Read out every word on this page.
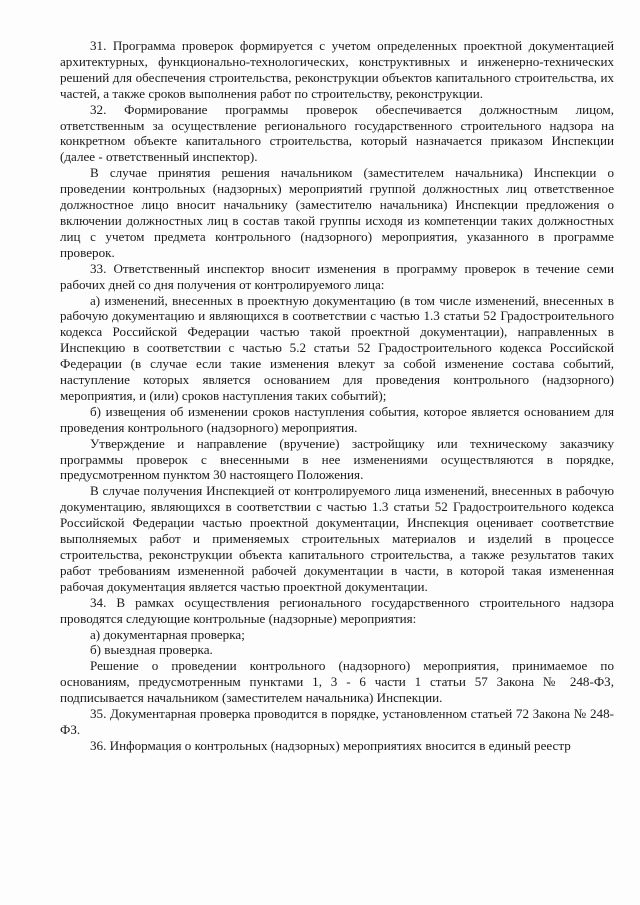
31. Программа проверок формируется с учетом определенных проектной документацией архитектурных, функционально-технологических, конструктивных и инженерно-технических решений для обеспечения строительства, реконструкции объектов капитального строительства, их частей, а также сроков выполнения работ по строительству, реконструкции.

32. Формирование программы проверок обеспечивается должностным лицом, ответственным за осуществление регионального государственного строительного надзора на конкретном объекте капитального строительства, который назначается приказом Инспекции (далее - ответственный инспектор).

В случае принятия решения начальником (заместителем начальника) Инспекции о проведении контрольных (надзорных) мероприятий группой должностных лиц ответственное должностное лицо вносит начальнику (заместителю начальника) Инспекции предложения о включении должностных лиц в состав такой группы исходя из компетенции таких должностных лиц с учетом предмета контрольного (надзорного) мероприятия, указанного в программе проверок.

33. Ответственный инспектор вносит изменения в программу проверок в течение семи рабочих дней со дня получения от контролируемого лица:

а) изменений, внесенных в проектную документацию (в том числе изменений, внесенных в рабочую документацию и являющихся в соответствии с частью 1.3 статьи 52 Градостроительного кодекса Российской Федерации частью такой проектной документации), направленных в Инспекцию в соответствии с частью 5.2 статьи 52 Градостроительного кодекса Российской Федерации (в случае если такие изменения влекут за собой изменение состава событий, наступление которых является основанием для проведения контрольного (надзорного) мероприятия, и (или) сроков наступления таких событий);

б) извещения об изменении сроков наступления события, которое является основанием для проведения контрольного (надзорного) мероприятия.

Утверждение и направление (вручение) застройщику или техническому заказчику программы проверок с внесенными в нее изменениями осуществляются в порядке, предусмотренном пунктом 30 настоящего Положения.

В случае получения Инспекцией от контролируемого лица изменений, внесенных в рабочую документацию, являющихся в соответствии с частью 1.3 статьи 52 Градостроительного кодекса Российской Федерации частью проектной документации, Инспекция оценивает соответствие выполняемых работ и применяемых строительных материалов и изделий в процессе строительства, реконструкции объекта капитального строительства, а также результатов таких работ требованиям измененной рабочей документации в части, в которой такая измененная рабочая документация является частью проектной документации.

34. В рамках осуществления регионального государственного строительного надзора проводятся следующие контрольные (надзорные) мероприятия:

а) документарная проверка;

б) выездная проверка.

Решение о проведении контрольного (надзорного) мероприятия, принимаемое по основаниям, предусмотренным пунктами 1, 3 - 6 части 1 статьи 57 Закона № 248-ФЗ, подписывается начальником (заместителем начальника) Инспекции.

35. Документарная проверка проводится в порядке, установленном статьей 72 Закона № 248-ФЗ.

36. Информация о контрольных (надзорных) мероприятиях вносится в единый реестр
